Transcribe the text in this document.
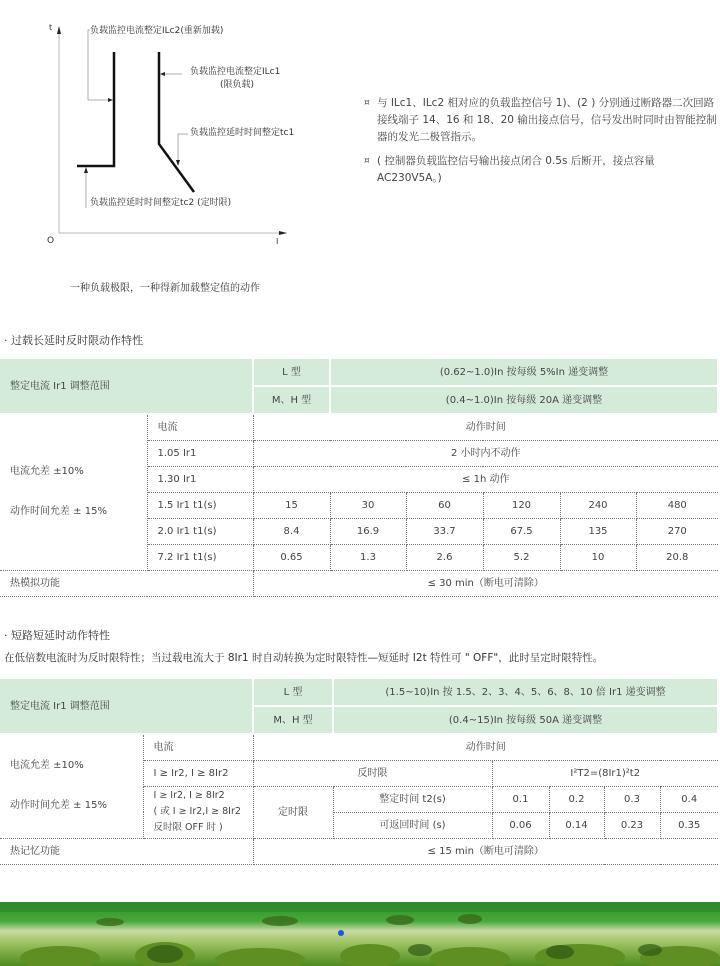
t
I
O
负载监控电流整定ILc2(重新加载)
负载监控电流整定ILc1
(限负载)
负载监控延时时间整定tc1
负载监控延时时间整定tc2 (定时限)
一种负载极限，一种得新加载整定值的动作
¤ 与 ILc1、ILc2 相对应的负载监控信号 1)、(2 ) 分别通过断路器二次回路接线端子 14、16 和 18、20 输出接点信号，信号发出时同时由智能控制器的发光二极管指示。
¤ ( 控制器负载监控信号输出接点闭合 0.5s 后断开，接点容量 AC230V5A。)
· 过载长延时反时限动作特性
整定电流 Ir1 调整范围		L 型	(0.62~1.0)In 按每级 5%In 递变调整				
		M、H 型	(0.4~1.0)In 按每级 20A 递变调整				

电流允差 ±10%
动作时间允差 ± 15%	电流	动作时间					
	1.05 Ir1	2 小时内不动作					
	1.30 Ir1	≤ 1h 动作					
	1.5 Ir1 t1(s)	15	30	60	120	240	480
	2.0 Ir1 t1(s)	8.4	16.9	33.7	67.5	135	270
	7.2 Ir1 t1(s)	0.65	1.3	2.6	5.2	10	20.8
热模拟功能		≤ 30 min（断电可清除）					
· 短路短延时动作特性
在低倍数电流时为反时限特性；当过载电流大于 8Ir1 时自动转换为定时限特性—短延时 I2t 特性可 " OFF"，此时呈定时限特性。
整定电流 Ir1 调整范围		L 型	(1.5~10)In 按 1.5、2、3、4、5、6、8、10 倍 Ir1 递变调整				
		M、H 型	(0.4~15)In 按每级 50A 递变调整				

电流允差 ±10%
动作时间允差 ± 15%	电流	动作时间					
	I ≥ Ir2, I ≥ 8Ir2	反时限		I²T2=(8Ir1)²t2			

	I ≥ Ir2, I ≥ 8Ir2
( 或 I ≥ Ir2,I ≥ 8Ir2
反时限 OFF 时 )	定时限	整定时间 t2(s)	0.1	0.2	0.3	0.4
			可返回时间 (s)	0.06	0.14	0.23	0.35
热记忆功能		≤ 15 min（断电可清除）					
